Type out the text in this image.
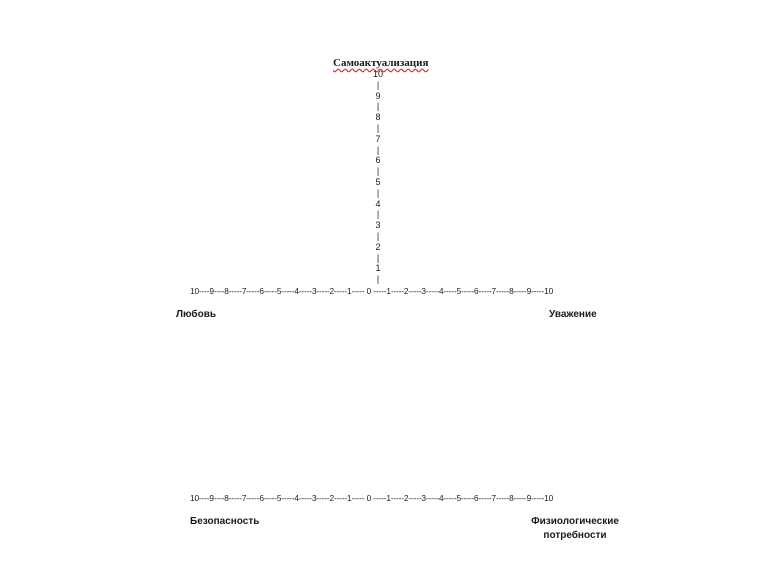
Самоактуализация
10
|
9
|
8
|
7
|
6
|
5
|
4
|
3
|
2
|
1
|
10----9----8-----7-----6-----5-----4-----3-----2-----1----- 0 -----1-----2-----3-----4-----5-----6-----7-----8-----9-----10
Любовь	Уважение
10----9----8-----7-----6-----5-----4-----3-----2-----1----- 0 -----1-----2-----3-----4-----5-----6-----7-----8-----9-----10
Безопасность	Физиологические
потребности
